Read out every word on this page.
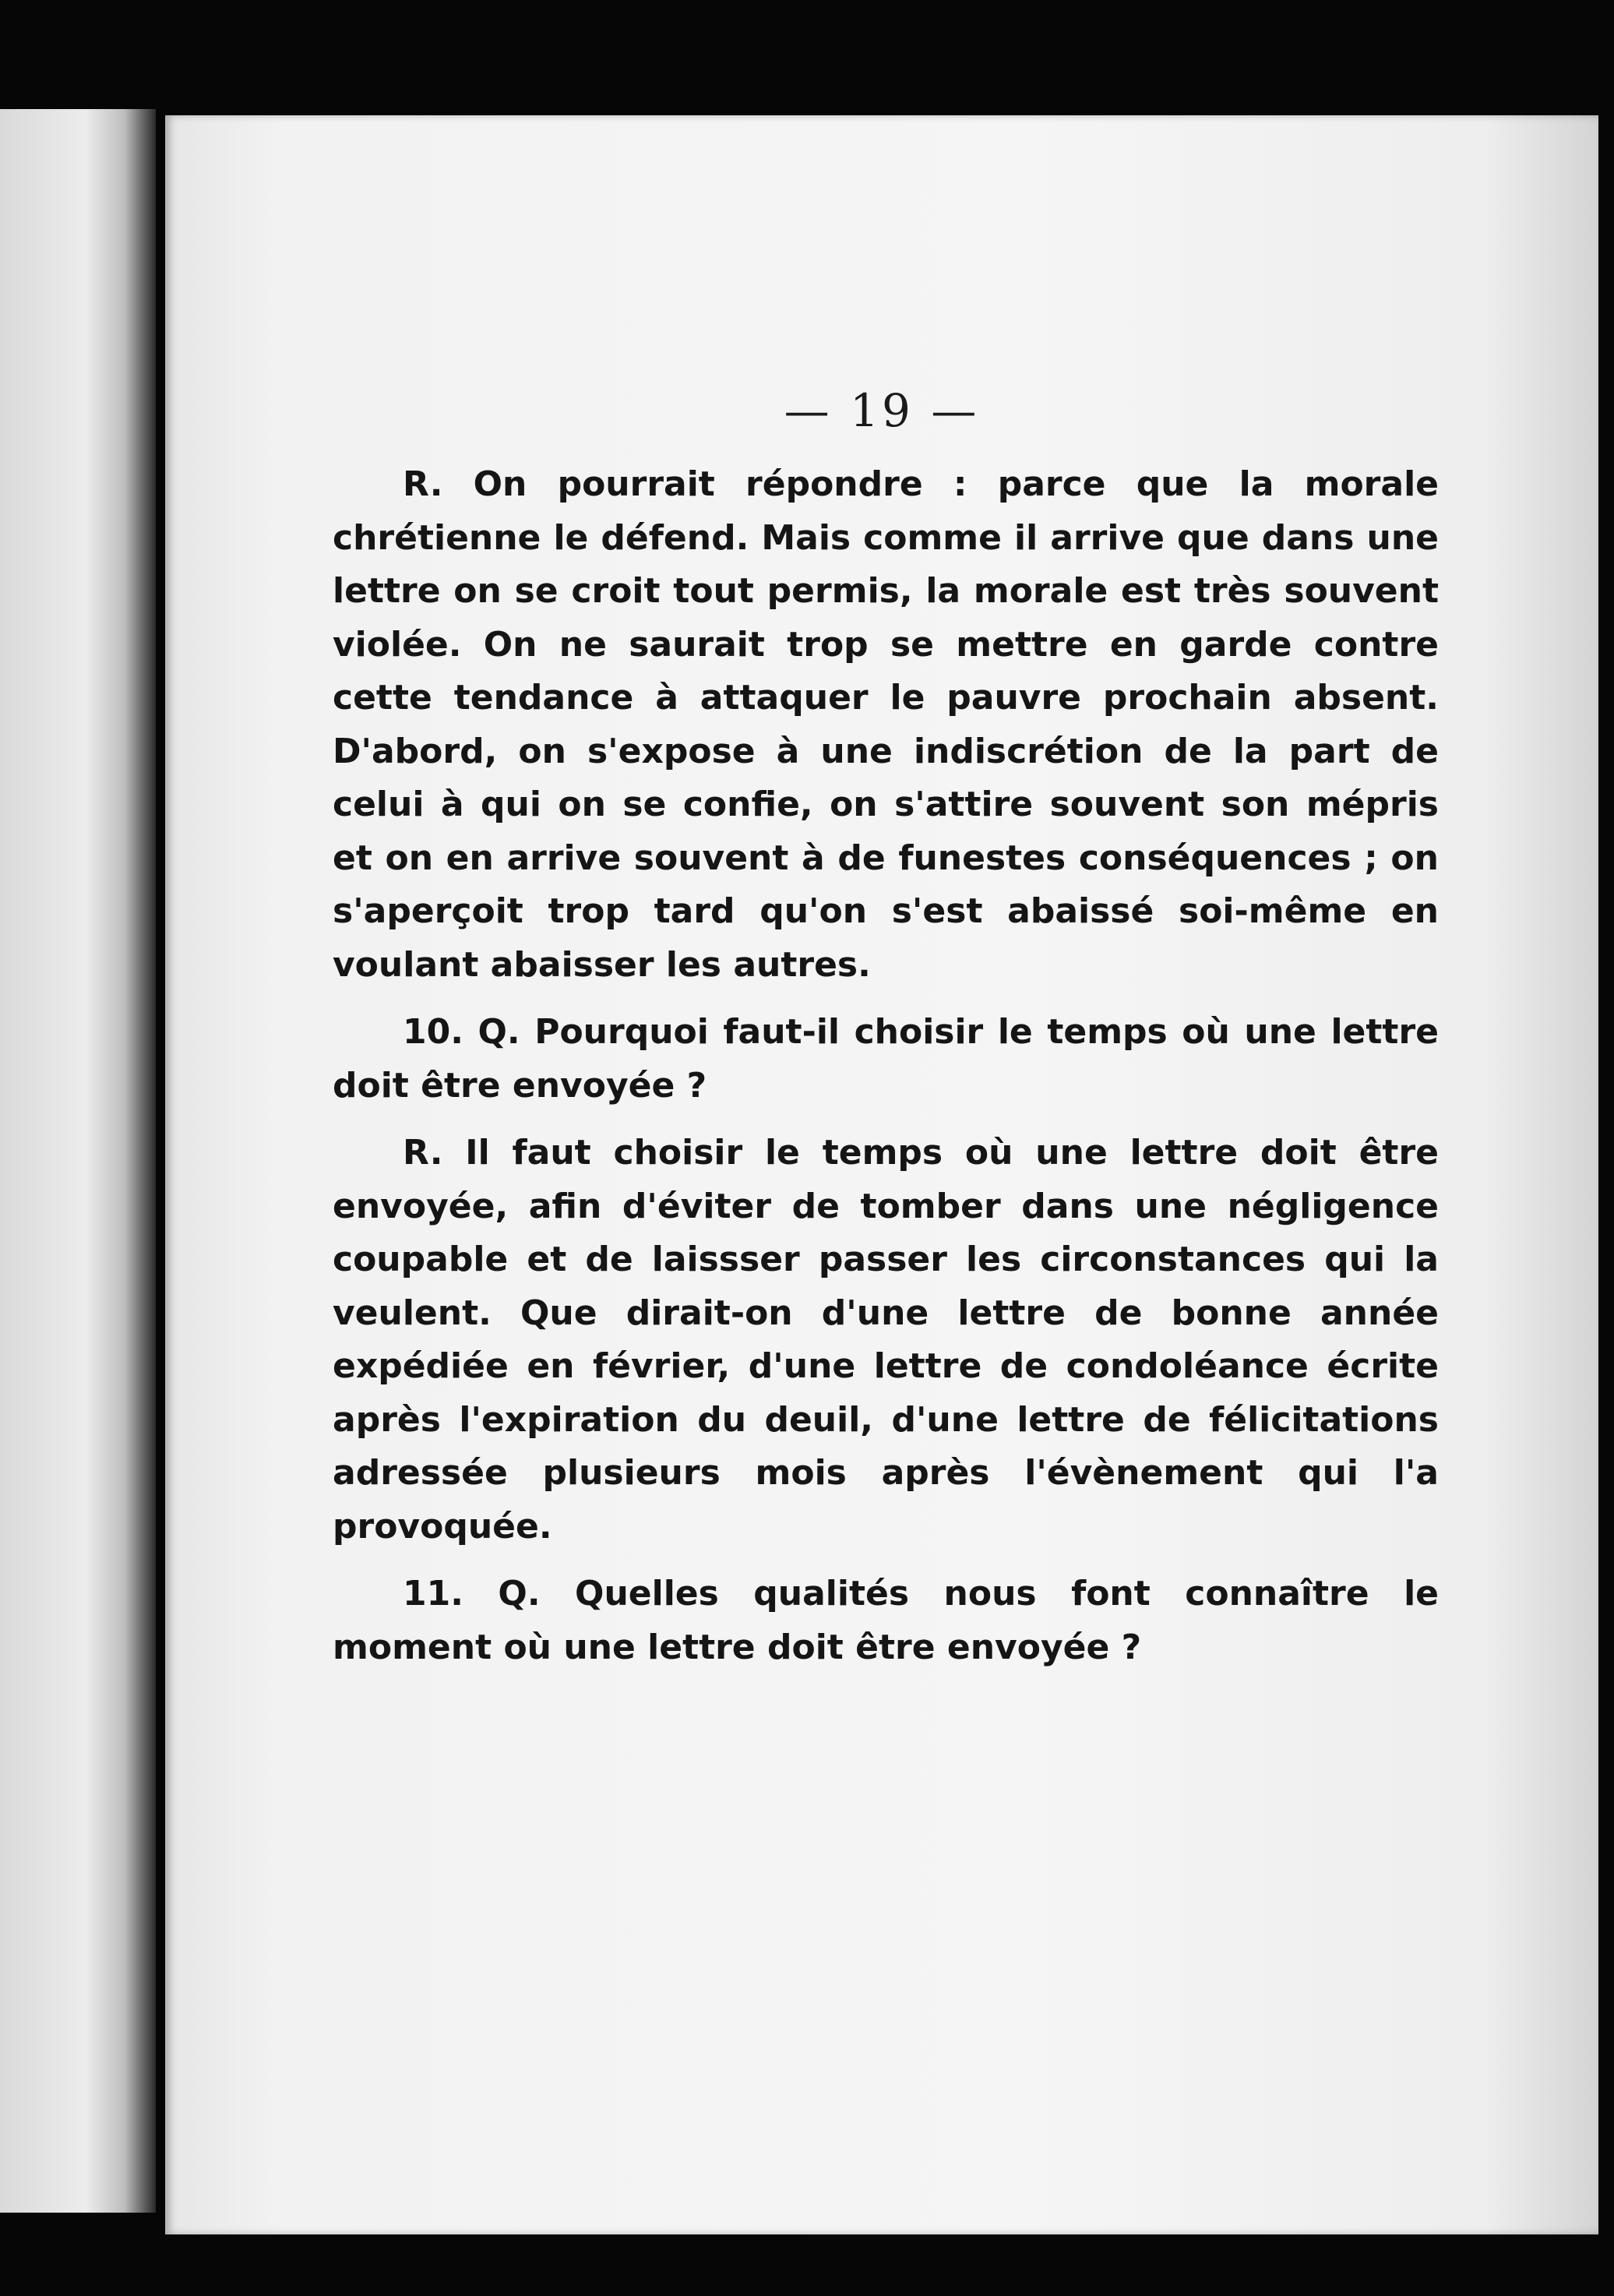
— 19 —

R. On pourrait répondre : parce que la morale chrétienne le défend. Mais comme il arrive que dans une lettre on se croit tout permis, la morale est très souvent violée. On ne saurait trop se mettre en garde contre cette tendance à attaquer le pauvre prochain absent. D'abord, on s'expose à une indiscrétion de la part de celui à qui on se confie, on s'attire souvent son mépris et on en arrive souvent à de funestes conséquences ; on s'aperçoit trop tard qu'on s'est abaissé soi-même en voulant abaisser les autres.

10. Q. Pourquoi faut-il choisir le temps où une lettre doit être envoyée ?

R. Il faut choisir le temps où une lettre doit être envoyée, afin d'éviter de tomber dans une négligence coupable et de laissser passer les circonstances qui la veulent. Que dirait-on d'une lettre de bonne année expédiée en février, d'une lettre de condoléance écrite après l'expiration du deuil, d'une lettre de félicitations adressée plusieurs mois après l'évènement qui l'a provoquée.

11. Q. Quelles qualités nous font connaître le moment où une lettre doit être envoyée ?
